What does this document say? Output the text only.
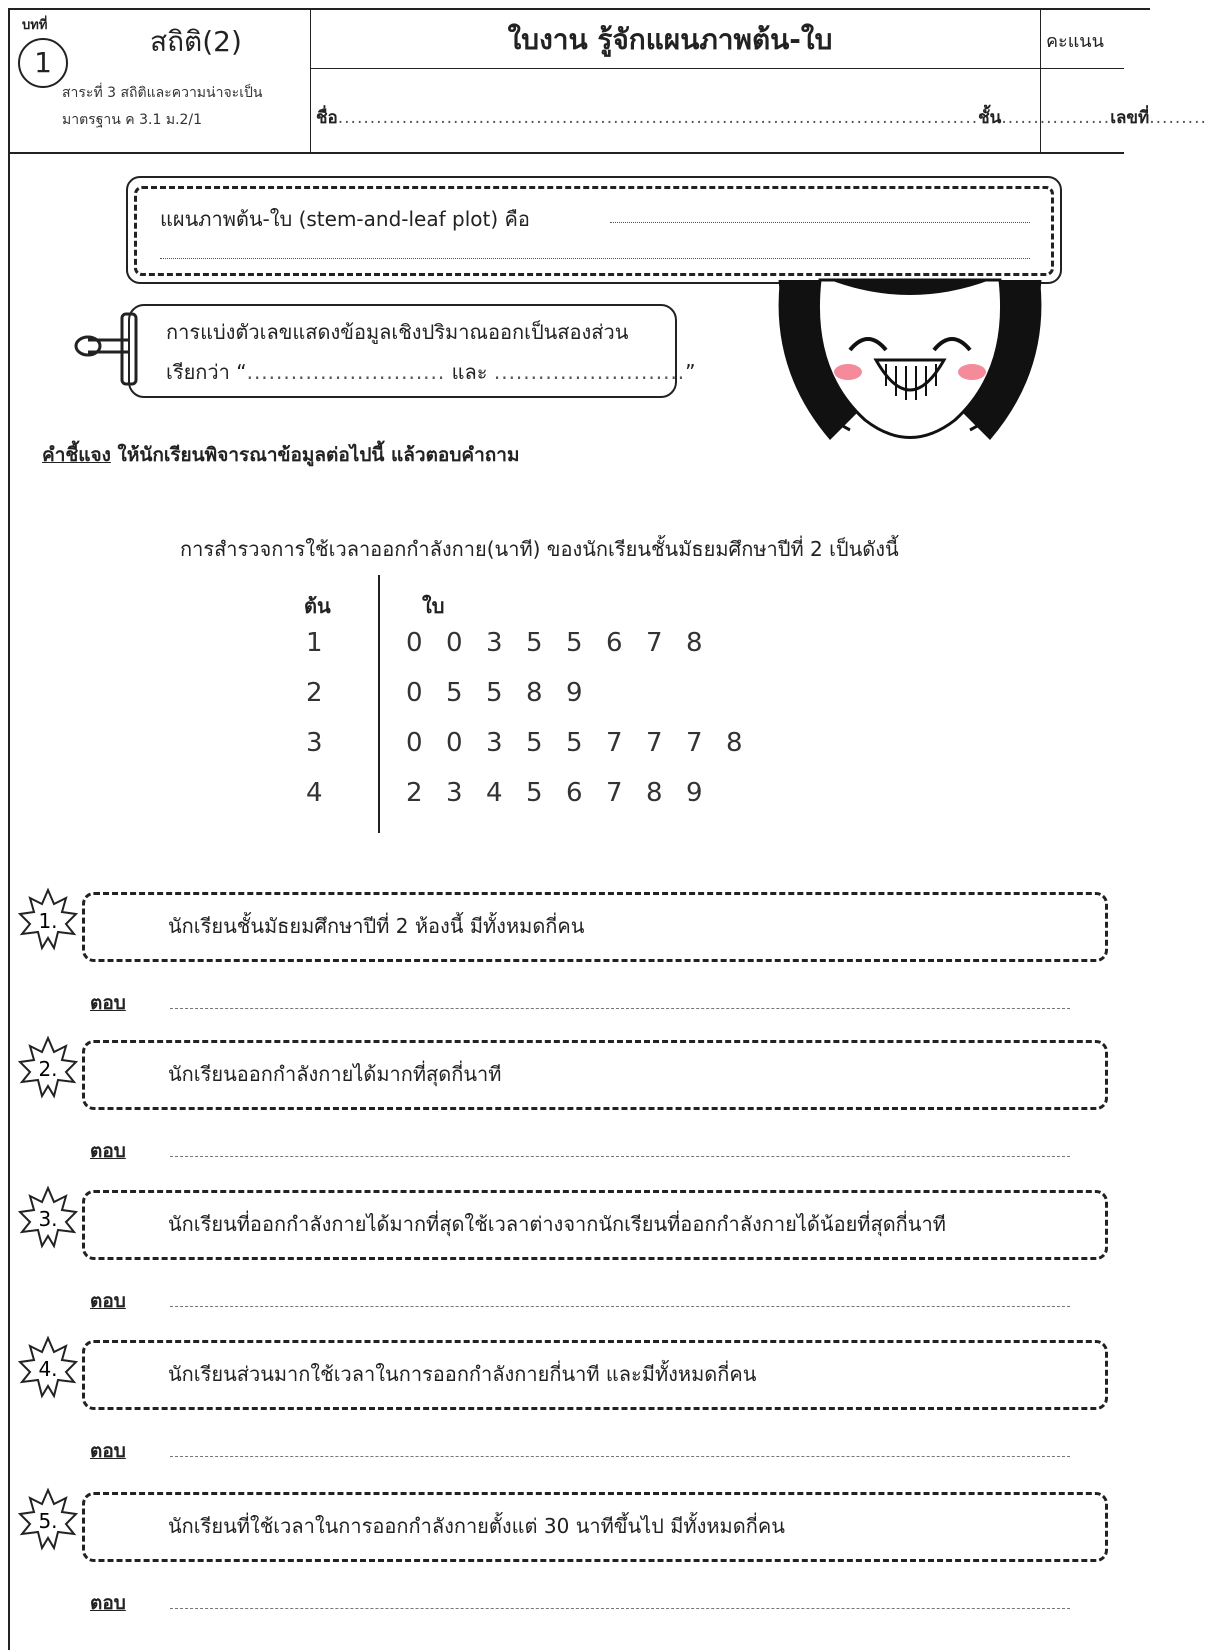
บทที่
1
สถิติ(2)
สาระที่ 3 สถิติและความน่าจะเป็น
มาตรฐาน ค 3.1 ม.2/1
ใบงาน รู้จักแผนภาพต้น-ใบ	คะแนน
ชื่อ....................................................................................................ชั้น.................เลขที่.........
แผนภาพต้น-ใบ (stem-and-leaf plot) คือ
การแบ่งตัวเลขแสดงข้อมูลเชิงปริมาณออกเป็นสองส่วน
เรียกว่า “........................... และ ..........................”
คำชี้แจง ให้นักเรียนพิจารณาข้อมูลต่อไปนี้ แล้วตอบคำถาม
การสำรวจการใช้เวลาออกกำลังกาย(นาที) ของนักเรียนชั้นมัธยมศึกษาปีที่ 2 เป็นดังนี้
ต้น	ใบ
1	0 0 3 5 5 6 7 8
2	0 5 5 8 9
3	0 0 3 5 5 7 7 7 8
4	2 3 4 5 6 7 8 9
1.	นักเรียนชั้นมัธยมศึกษาปีที่ 2 ห้องนี้ มีทั้งหมดกี่คน
ตอบ
2.	นักเรียนออกกำลังกายได้มากที่สุดกี่นาที
ตอบ
3.	นักเรียนที่ออกกำลังกายได้มากที่สุดใช้เวลาต่างจากนักเรียนที่ออกกำลังกายได้น้อยที่สุดกี่นาที
ตอบ
4.	นักเรียนส่วนมากใช้เวลาในการออกกำลังกายกี่นาที และมีทั้งหมดกี่คน
ตอบ
5.	นักเรียนที่ใช้เวลาในการออกกำลังกายตั้งแต่ 30 นาทีขึ้นไป มีทั้งหมดกี่คน
ตอบ
